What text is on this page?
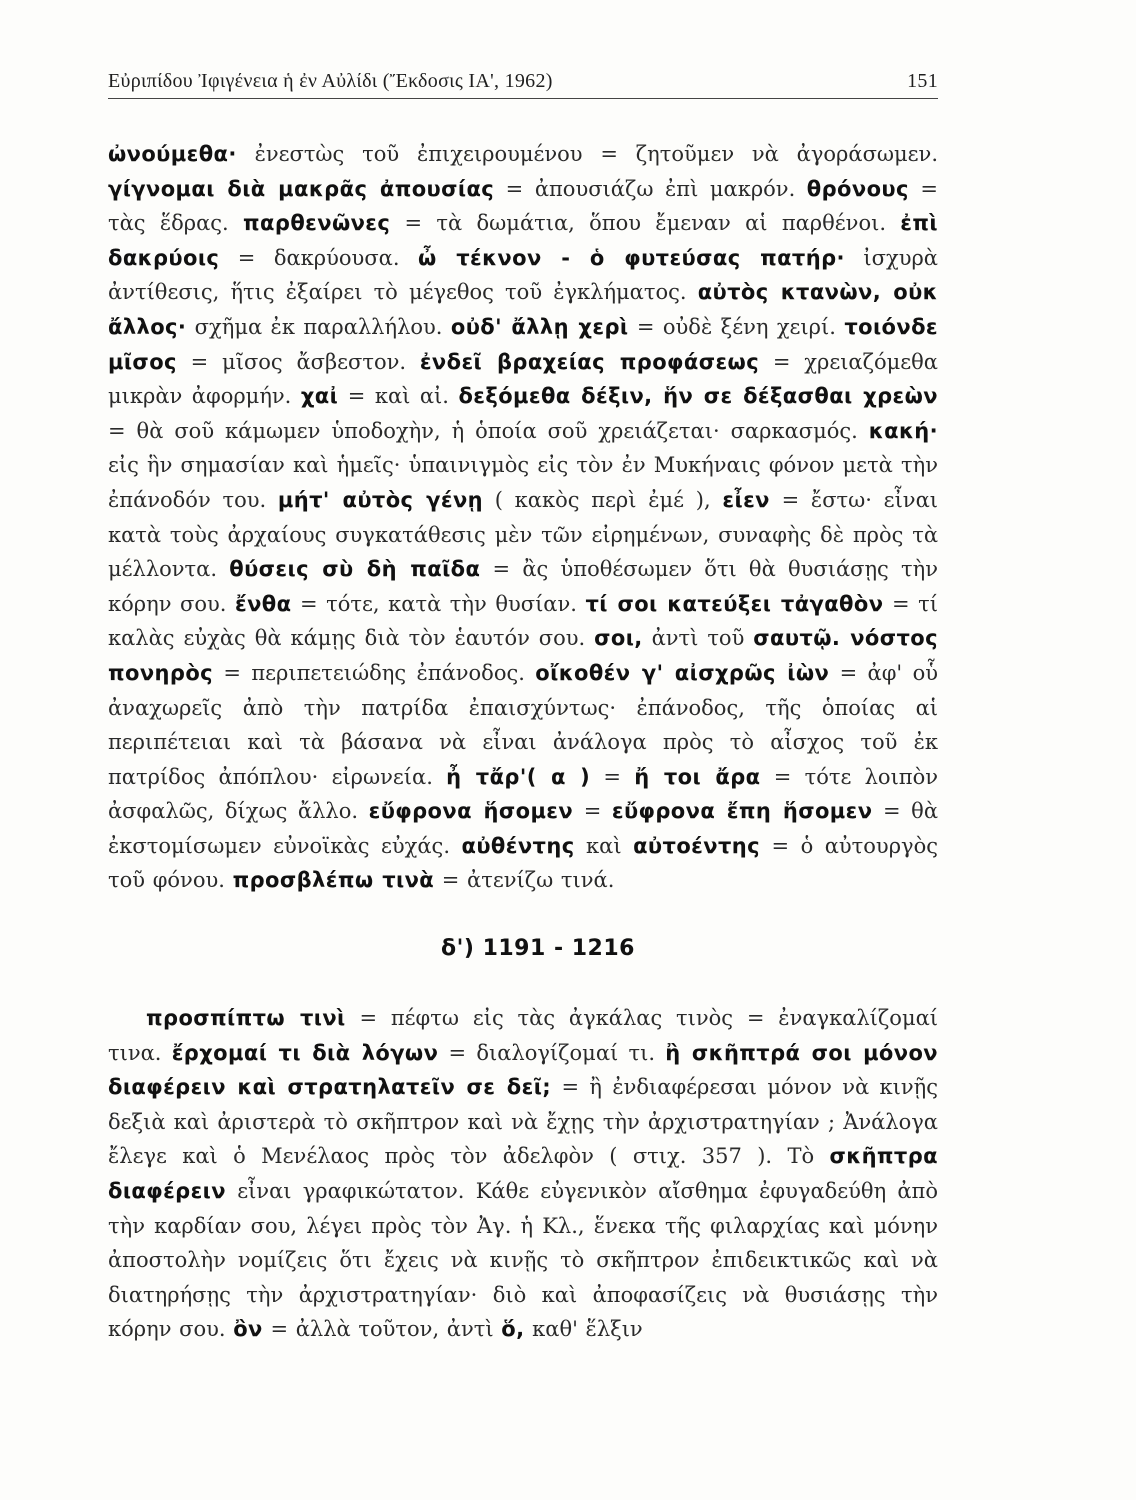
Εὐριπίδου Ἰφιγένεια ἡ ἐν Αὐλίδι (Ἔκδοσις ΙΑ', 1962)	151
ὠνούμεθα· ἐνεστὼς τοῦ ἐπιχειρουμένου = ζητοῦμεν νὰ ἀγοράσωμεν. γίγνομαι διὰ μακρᾶς ἀπουσίας = ἀπουσιάζω ἐπὶ μακρόν. θρόνους = τὰς ἕδρας. παρθενῶνες = τὰ δωμάτια, ὅπου ἔμεναν αἱ παρθένοι. ἐπὶ δακρύοις = δακρύουσα. ὦ τέκνον - ὁ φυτεύσας πατήρ· ἰσχυρὰ ἀντίθεσις, ἥτις ἐξαίρει τὸ μέγεθος τοῦ ἐγκλήματος. αὐτὸς κτανὼν, οὐκ ἄλλος· σχῆμα ἐκ παραλλήλου. οὐδ' ἄλλῃ χερὶ = οὐδὲ ξένη χειρί. τοιόνδε μῖσος = μῖσος ἄσβεστον. ἐνδεῖ βραχείας προφάσεως = χρειαζόμεθα μικρὰν ἀφορμήν. χαἰ = καὶ αἰ. δεξόμεθα δέξιν, ἥν σε δέξασθαι χρεὼν = θὰ σοῦ κάμωμεν ὑποδοχὴν, ἡ ὁποία σοῦ χρειάζεται· σαρκασμός. κακή· εἰς ἣν σημασίαν καὶ ἡμεῖς· ὑπαινιγμὸς εἰς τὸν ἐν Μυκήναις φόνον μετὰ τὴν ἐπάνοδόν του. μήτ' αὐτὸς γένῃ ( κακὸς περὶ ἐμέ ), εἶεν = ἔστω· εἶναι κατὰ τοὺς ἀρχαίους συγκατάθεσις μὲν τῶν εἰρημένων, συναφὴς δὲ πρὸς τὰ μέλλοντα. θύσεις σὺ δὴ παῖδα = ἂς ὑποθέσωμεν ὅτι θὰ θυσιάσῃς τὴν κόρην σου. ἔνθα = τότε, κατὰ τὴν θυσίαν. τί σοι κατεύξει τἀγαθὸν = τί καλὰς εὐχὰς θὰ κάμῃς διὰ τὸν ἑαυτόν σου. σοι, ἀντὶ τοῦ σαυτῷ. νόστος πονηρὸς = περιπετειώδης ἐπάνοδος. οἴκοθέν γ' αἰσχρῶς ἰὼν = ἀφ' οὗ ἀναχωρεῖς ἀπὸ τὴν πατρίδα ἐπαισχύντως· ἐπάνοδος, τῆς ὁποίας αἱ περιπέτειαι καὶ τὰ βάσανα νὰ εἶναι ἀνάλογα πρὸς τὸ αἶσχος τοῦ ἐκ πατρίδος ἀπόπλου· εἰρωνεία. ἦ τἄρ'( α ) = ἤ τοι ἄρα = τότε λοιπὸν ἀσφαλῶς, δίχως ἄλλο. εὔφρονα ἥσομεν = εὔφρονα ἔπη ἥσομεν = θὰ ἐκστομίσωμεν εὐνοϊκὰς εὐχάς. αὐθέντης καὶ αὐτοέντης = ὁ αὐτουργὸς τοῦ φόνου. προσβλέπω τινὰ = ἀτενίζω τινά.
δ') 1191 - 1216
προσπίπτω τινὶ = πέφτω εἰς τὰς ἀγκάλας τινὸς = ἐναγκαλίζομαί τινα. ἔρχομαί τι διὰ λόγων = διαλογίζομαί τι. ἢ σκῆπτρά σοι μόνον διαφέρειν καὶ στρατηλατεῖν σε δεῖ; = ἢ ἐνδιαφέρεσαι μόνον νὰ κινῇς δεξιὰ καὶ ἀριστερὰ τὸ σκῆπτρον καὶ νὰ ἔχῃς τὴν ἀρχιστρατηγίαν ; Ἀνάλογα ἔλεγε καὶ ὁ Μενέλαος πρὸς τὸν ἀδελφὸν ( στιχ. 357 ). Τὸ σκῆπτρα διαφέρειν εἶναι γραφικώτατον. Κάθε εὐγενικὸν αἴσθημα ἐφυγαδεύθη ἀπὸ τὴν καρδίαν σου, λέγει πρὸς τὸν Ἀγ. ἡ Κλ., ἕνεκα τῆς φιλαρχίας καὶ μόνην ἀποστολὴν νομίζεις ὅτι ἔχεις νὰ κινῇς τὸ σκῆπτρον ἐπιδεικτικῶς καὶ νὰ διατηρήσῃς τὴν ἀρχιστρατηγίαν· διὸ καὶ ἀποφασίζεις νὰ θυσιάσῃς τὴν κόρην σου. ὂν = ἀλλὰ τοῦτον, ἀντὶ ὅ, καθ' ἕλξιν
